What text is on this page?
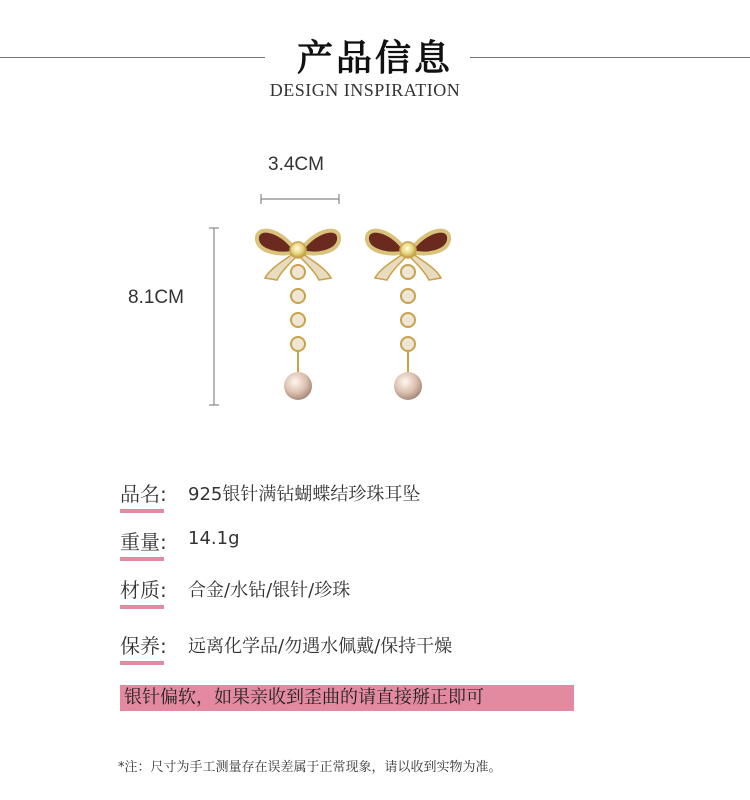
产品信息
DESIGN INSPIRATION
3.4CM
8.1CM
品名: 925银针满钻蝴蝶结珍珠耳坠
重量: 14.1g
材质: 合金/水钻/银针/珍珠
保养: 远离化学品/勿遇水佩戴/保持干燥
银针偏软，如果亲收到歪曲的请直接掰正即可
*注：尺寸为手工测量存在误差属于正常现象，请以收到实物为准。
